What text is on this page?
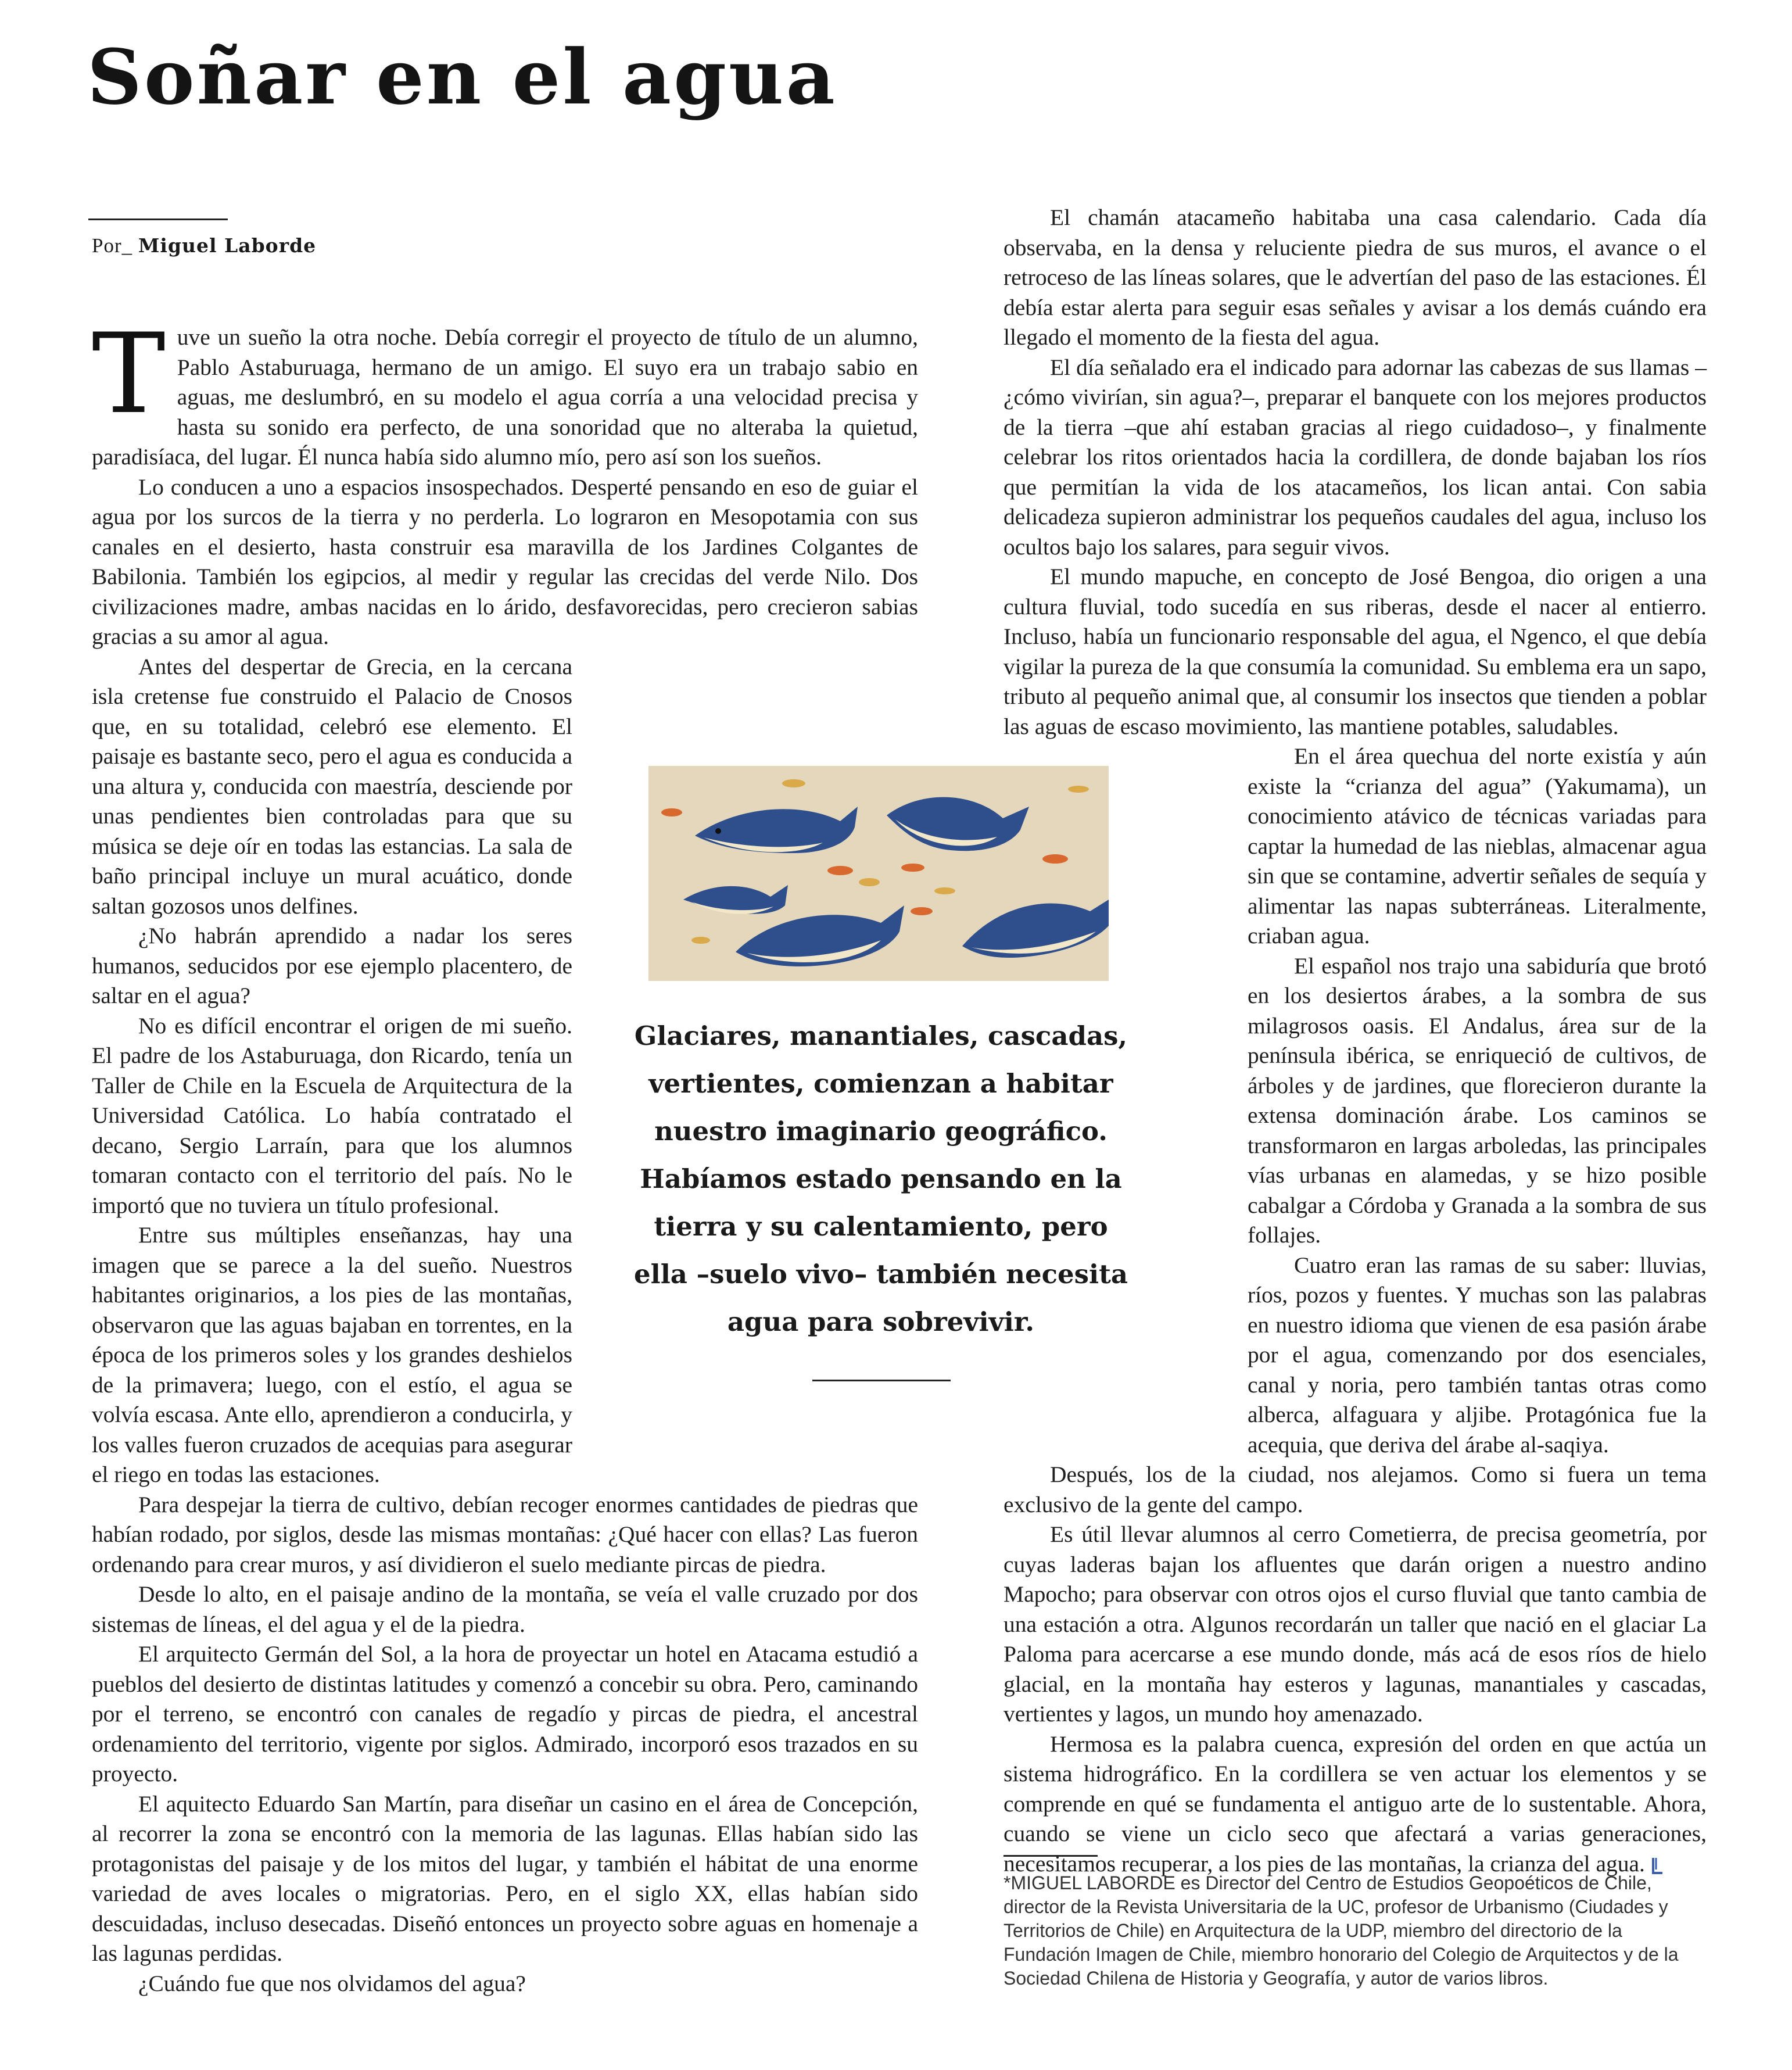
Soñar en el agua
Por_ Miguel Laborde
T uve un sueño la otra noche. Debía corregir el proyecto de título de un alumno, Pablo Astaburuaga, hermano de un amigo. El suyo era un trabajo sabio en aguas, me deslumbró, en su modelo el agua corría a una velocidad precisa y hasta su sonido era perfecto, de una sonoridad que no alteraba la quietud, paradisíaca, del lugar. Él nunca había sido alumno mío, pero así son los sueños.

Lo conducen a uno a espacios insospechados. Desperté pensando en eso de guiar el agua por los surcos de la tierra y no perderla. Lo lograron en Mesopotamia con sus canales en el desierto, hasta construir esa maravilla de los Jardines Colgantes de Babilonia. También los egipcios, al medir y regular las crecidas del verde Nilo. Dos civilizaciones madre, ambas nacidas en lo árido, desfavorecidas, pero crecieron sabias gracias a su amor al agua.

Antes del despertar de Grecia, en la cercana isla cretense fue construido el Palacio de Cnosos que, en su totalidad, celebró ese elemento. El paisaje es bastante seco, pero el agua es conducida a una altura y, conducida con maestría, desciende por unas pendientes bien controladas para que su música se deje oír en todas las estancias. La sala de baño principal incluye un mural acuático, donde saltan gozosos unos delfines.

¿No habrán aprendido a nadar los seres humanos, seducidos por ese ejemplo placentero, de saltar en el agua?

No es difícil encontrar el origen de mi sueño. El padre de los Astaburuaga, don Ricardo, tenía un Taller de Chile en la Escuela de Arquitectura de la Universidad Católica. Lo había contratado el decano, Sergio Larraín, para que los alumnos tomaran contacto con el territorio del país. No le importó que no tuviera un título profesional.

Entre sus múltiples enseñanzas, hay una imagen que se parece a la del sueño. Nuestros habitantes originarios, a los pies de las montañas, observaron que las aguas bajaban en torrentes, en la época de los primeros soles y los grandes deshielos de la primavera; luego, con el estío, el agua se volvía escasa. Ante ello, aprendieron a conducirla, y los valles fueron cruzados de acequias para asegurar el riego en todas las estaciones.

Para despejar la tierra de cultivo, debían recoger enormes cantidades de piedras que habían rodado, por siglos, desde las mismas montañas: ¿Qué hacer con ellas? Las fueron ordenando para crear muros, y así dividieron el suelo mediante pircas de piedra.

Desde lo alto, en el paisaje andino de la montaña, se veía el valle cruzado por dos sistemas de líneas, el del agua y el de la piedra.

El arquitecto Germán del Sol, a la hora de proyectar un hotel en Atacama estudió a pueblos del desierto de distintas latitudes y comenzó a concebir su obra. Pero, caminando por el terreno, se encontró con canales de regadío y pircas de piedra, el ancestral ordenamiento del territorio, vigente por siglos. Admirado, incorporó esos trazados en su proyecto.

El aquitecto Eduardo San Martín, para diseñar un casino en el área de Concepción, al recorrer la zona se encontró con la memoria de las lagunas. Ellas habían sido las protagonistas del paisaje y de los mitos del lugar, y también el hábitat de una enorme variedad de aves locales o migratorias. Pero, en el siglo XX, ellas habían sido descuidadas, incluso desecadas. Diseñó entonces un proyecto sobre aguas en homenaje a las lagunas perdidas.

¿Cuándo fue que nos olvidamos del agua?

El chamán atacameño habitaba una casa calendario. Cada día observaba, en la densa y reluciente piedra de sus muros, el avance o el retroceso de las líneas solares, que le advertían del paso de las estaciones. Él debía estar alerta para seguir esas señales y avisar a los demás cuándo era llegado el momento de la fiesta del agua.

El día señalado era el indicado para adornar las cabezas de sus llamas –¿cómo vivirían, sin agua?–, preparar el banquete con los mejores productos de la tierra –que ahí estaban gracias al riego cuidadoso–, y finalmente celebrar los ritos orientados hacia la cordillera, de donde bajaban los ríos que permitían la vida de los atacameños, los lican antai. Con sabia delicadeza supieron administrar los pequeños caudales del agua, incluso los ocultos bajo los salares, para seguir vivos.

El mundo mapuche, en concepto de José Bengoa, dio origen a una cultura fluvial, todo sucedía en sus riberas, desde el nacer al entierro. Incluso, había un funcionario responsable del agua, el Ngenco, el que debía vigilar la pureza de la que consumía la comunidad. Su emblema era un sapo, tributo al pequeño animal que, al consumir los insectos que tienden a poblar las aguas de escaso movimiento, las mantiene potables, saludables.

En el área quechua del norte existía y aún existe la “crianza del agua” (Yakumama), un conocimiento atávico de técnicas variadas para captar la humedad de las nieblas, almacenar agua sin que se contamine, advertir señales de sequía y alimentar las napas subterráneas. Literalmente, criaban agua.

El español nos trajo una sabiduría que brotó en los desiertos árabes, a la sombra de sus milagrosos oasis. El Andalus, área sur de la península ibérica, se enriqueció de cultivos, de árboles y de jardines, que florecieron durante la extensa dominación árabe. Los caminos se transformaron en largas arboledas, las principales vías urbanas en alamedas, y se hizo posible cabalgar a Córdoba y Granada a la sombra de sus follajes.

Cuatro eran las ramas de su saber: lluvias, ríos, pozos y fuentes. Y muchas son las palabras en nuestro idioma que vienen de esa pasión árabe por el agua, comenzando por dos esenciales, canal y noria, pero también tantas otras como alberca, alfaguara y aljibe. Protagónica fue la acequia, que deriva del árabe al-saqiya.

Después, los de la ciudad, nos alejamos. Como si fuera un tema exclusivo de la gente del campo.

Es útil llevar alumnos al cerro Cometierra, de precisa geometría, por cuyas laderas bajan los afluentes que darán origen a nuestro andino Mapocho; para observar con otros ojos el curso fluvial que tanto cambia de una estación a otra. Algunos recordarán un taller que nació en el glaciar La Paloma para acercarse a ese mundo donde, más acá de esos ríos de hielo glacial, en la montaña hay esteros y lagunas, manantiales y cascadas, vertientes y lagos, un mundo hoy amenazado.

Hermosa es la palabra cuenca, expresión del orden en que actúa un sistema hidrográfico. En la cordillera se ven actuar los elementos y se comprende en qué se fundamenta el antiguo arte de lo sustentable. Ahora, cuando se viene un ciclo seco que afectará a varias generaciones, necesitamos recuperar, a los pies de las montañas, la crianza del agua.

Glaciares, manantiales, cascadas, vertientes, comienzan a habitar nuestro imaginario geográfico. Habíamos estado pensando en la tierra y su calentamiento, pero ella –suelo vivo– también necesita agua para sobrevivir.

*MIGUEL LABORDE es Director del Centro de Estudios Geopoéticos de Chile, director de la Revista Universitaria de la UC, profesor de Urbanismo (Ciudades y Territorios de Chile) en Arquitectura de la UDP, miembro del directorio de la Fundación Imagen de Chile, miembro honorario del Colegio de Arquitectos y de la Sociedad Chilena de Historia y Geografía, y autor de varios libros.
